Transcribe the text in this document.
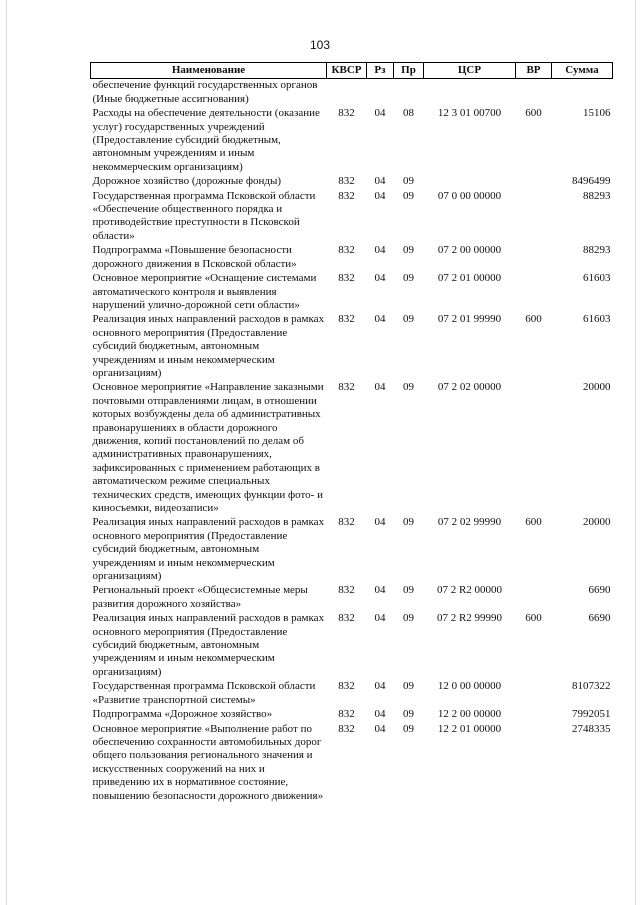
103
Наименование	КВСР	Рз	Пр	ЦСР	ВР	Сумма
обеспечение функций государственных органов (Иные бюджетные ассигнования)						
Расходы на обеспечение деятельности (оказание услуг) государственных учреждений (Предоставление субсидий бюджетным, автономным учреждениям и иным некоммерческим организациям)	832	04	08	12 3 01 00700	600	15106
Дорожное хозяйство (дорожные фонды)	832	04	09			8496499
Государственная программа Псковской области «Обеспечение общественного порядка и противодействие преступности в Псковской области»	832	04	09	07 0 00 00000		88293
Подпрограмма «Повышение безопасности дорожного движения в Псковской области»	832	04	09	07 2 00 00000		88293
Основное мероприятие «Оснащение системами автоматического контроля и выявления нарушений улично-дорожной сети области»	832	04	09	07 2 01 00000		61603
Реализация иных направлений расходов в рамках основного мероприятия (Предоставление субсидий бюджетным, автономным учреждениям и иным некоммерческим организациям)	832	04	09	07 2 01 99990	600	61603
Основное мероприятие «Направление заказными почтовыми отправлениями лицам, в отношении которых возбуждены дела об административных правонарушениях в области дорожного движения, копий постановлений по делам об административных правонарушениях, зафиксированных с применением работающих в автоматическом режиме специальных технических средств, имеющих функции фото- и киносъемки, видеозаписи»	832	04	09	07 2 02 00000		20000
Реализация иных направлений расходов в рамках основного мероприятия (Предоставление субсидий бюджетным, автономным учреждениям и иным некоммерческим организациям)	832	04	09	07 2 02 99990	600	20000
Региональный проект «Общесистемные меры развития дорожного хозяйства»	832	04	09	07 2 R2 00000		6690
Реализация иных направлений расходов в рамках основного мероприятия (Предоставление субсидий бюджетным, автономным учреждениям и иным некоммерческим организациям)	832	04	09	07 2 R2 99990	600	6690
Государственная программа Псковской области «Развитие транспортной системы»	832	04	09	12 0 00 00000		8107322
Подпрограмма «Дорожное хозяйство»	832	04	09	12 2 00 00000		7992051
Основное мероприятие «Выполнение работ по обеспечению сохранности автомобильных дорог общего пользования регионального значения и искусственных сооружений на них и приведению их в нормативное состояние, повышению безопасности дорожного движения»	832	04	09	12 2 01 00000		2748335
